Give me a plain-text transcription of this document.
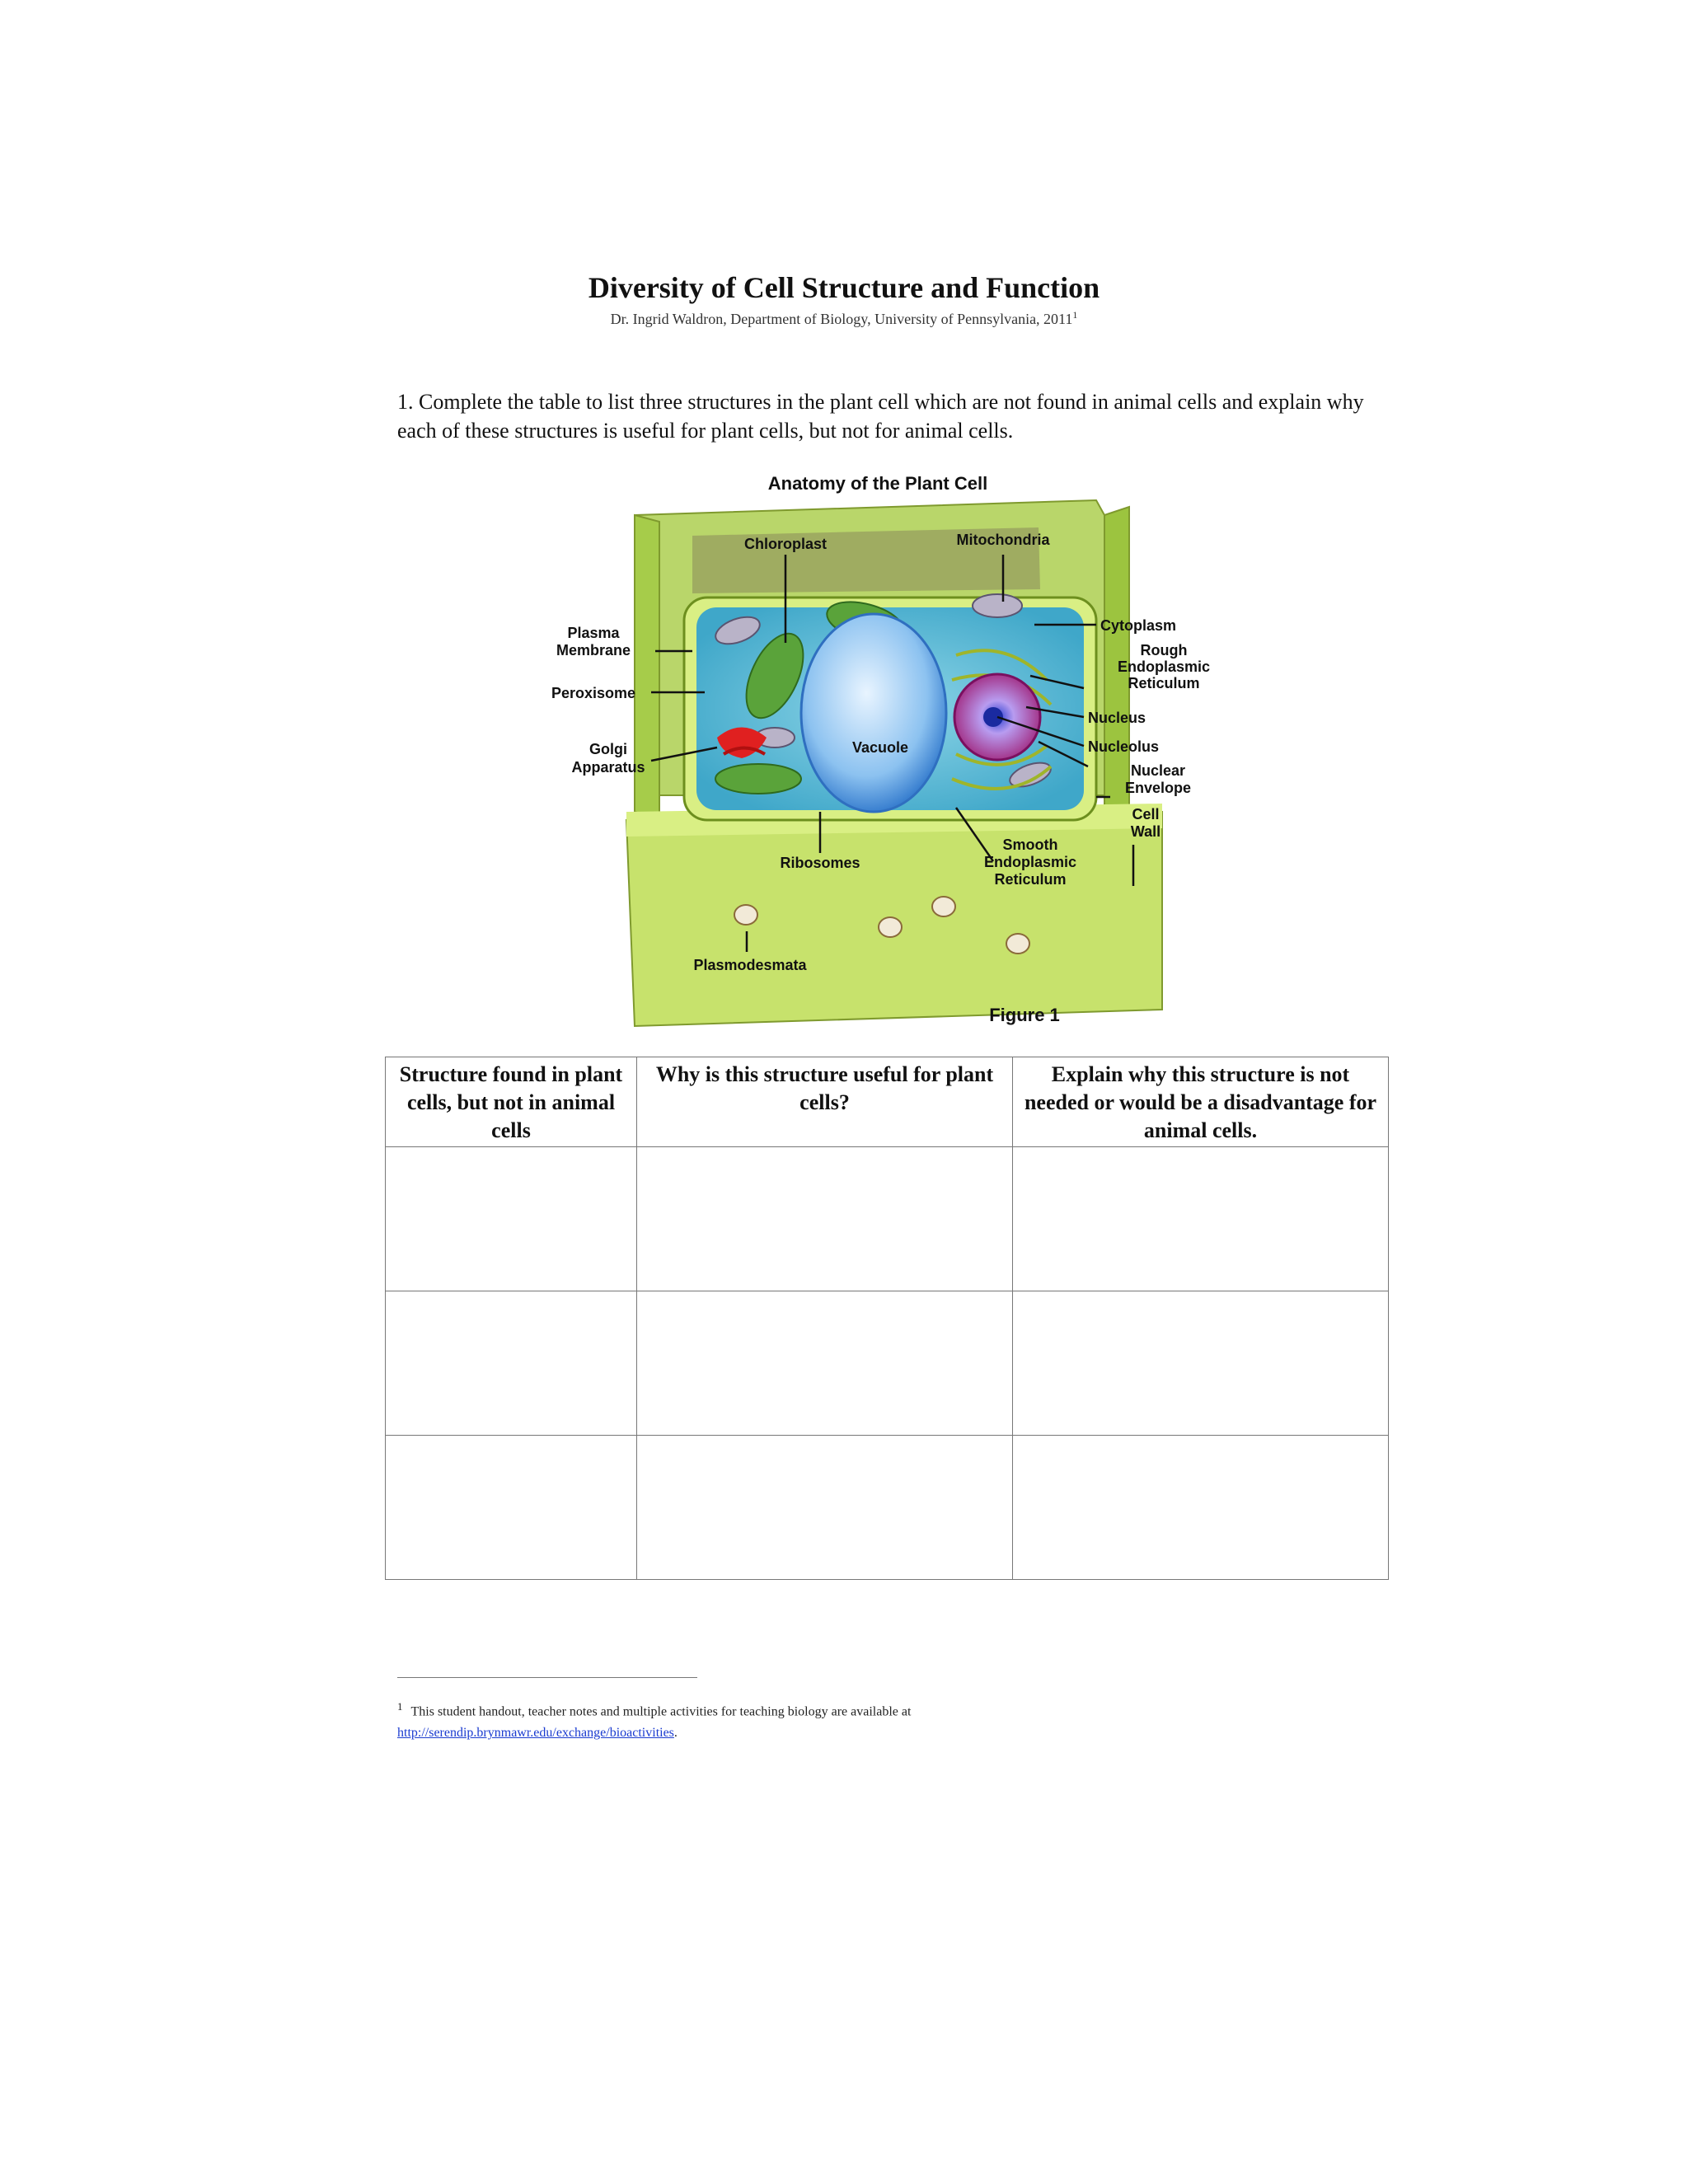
Diversity of Cell Structure and Function
Dr. Ingrid Waldron, Department of Biology, University of Pennsylvania, 2011$^1$
1. Complete the table to list three structures in the plant cell which are not found in animal cells and explain why each of these structures is useful for plant cells, but not for animal cells.
Anatomy of the Plant Cell
Chloroplast	Mitochondria
Plasma
Membrane
Peroxisome
Golgi
Apparatus
Vacuole
Cytoplasm
Rough
Endoplasmic
Reticulum
Nucleus
Nucleolus
Nuclear
Envelope
Cell
Wall
Ribosomes
Smooth
Endoplasmic
Reticulum
Plasmodesmata
Figure 1
Structure found in plant cells, but not in animal cells	Why is this structure useful for plant cells?	Explain why this structure is not needed or would be a disadvantage for animal cells.

$^1$ This student handout, teacher notes and multiple activities for teaching biology are available at
http://serendip.brynmawr.edu/exchange/bioactivities.
